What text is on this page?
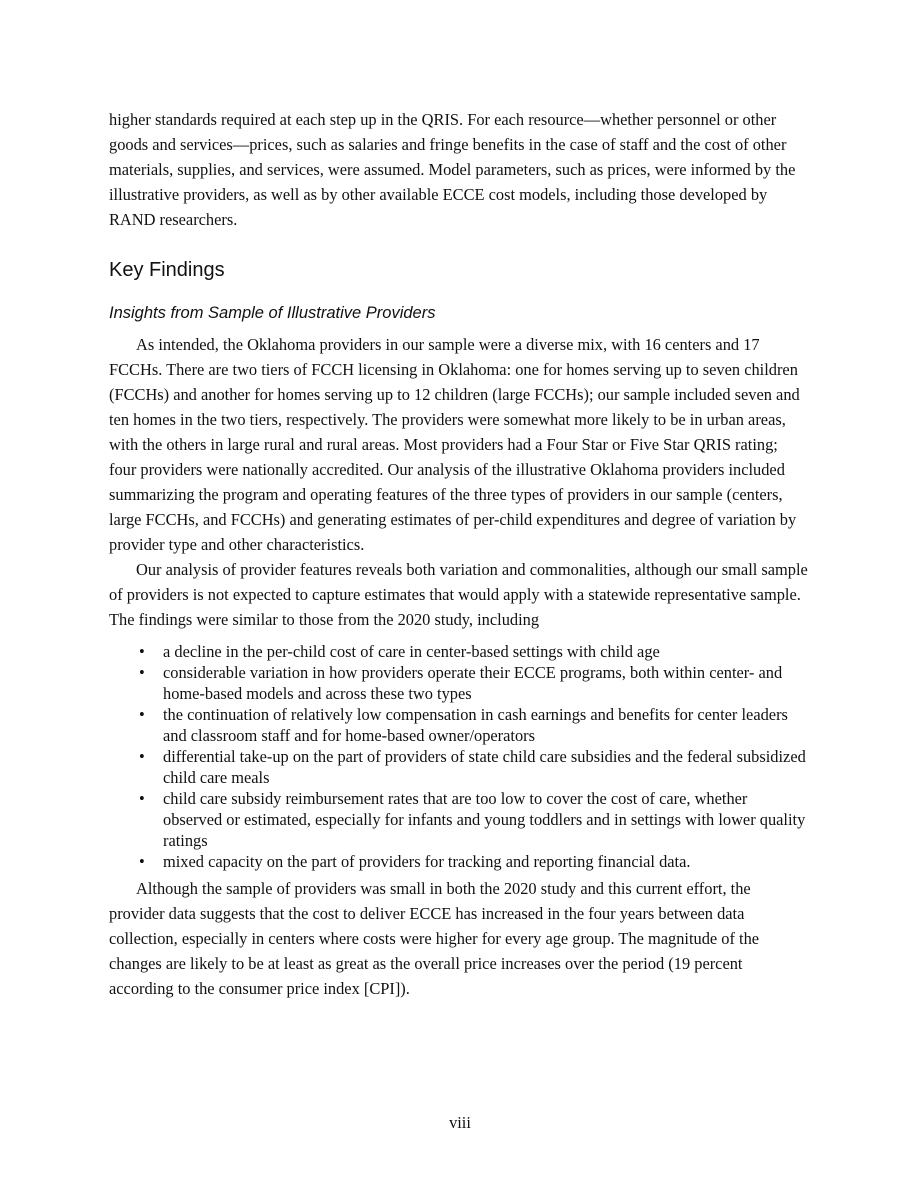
higher standards required at each step up in the QRIS. For each resource—whether personnel or other goods and services—prices, such as salaries and fringe benefits in the case of staff and the cost of other materials, supplies, and services, were assumed. Model parameters, such as prices, were informed by the illustrative providers, as well as by other available ECCE cost models, including those developed by RAND researchers.

Key Findings
Insights from Sample of Illustrative Providers

As intended, the Oklahoma providers in our sample were a diverse mix, with 16 centers and 17 FCCHs. There are two tiers of FCCH licensing in Oklahoma: one for homes serving up to seven children (FCCHs) and another for homes serving up to 12 children (large FCCHs); our sample included seven and ten homes in the two tiers, respectively. The providers were somewhat more likely to be in urban areas, with the others in large rural and rural areas. Most providers had a Four Star or Five Star QRIS rating; four providers were nationally accredited. Our analysis of the illustrative Oklahoma providers included summarizing the program and operating features of the three types of providers in our sample (centers, large FCCHs, and FCCHs) and generating estimates of per-child expenditures and degree of variation by provider type and other characteristics.

Our analysis of provider features reveals both variation and commonalities, although our small sample of providers is not expected to capture estimates that would apply with a statewide representative sample. The findings were similar to those from the 2020 study, including

• a decline in the per-child cost of care in center-based settings with child age
• considerable variation in how providers operate their ECCE programs, both within center- and home-based models and across these two types
• the continuation of relatively low compensation in cash earnings and benefits for center leaders and classroom staff and for home-based owner/operators
• differential take-up on the part of providers of state child care subsidies and the federal subsidized child care meals
• child care subsidy reimbursement rates that are too low to cover the cost of care, whether observed or estimated, especially for infants and young toddlers and in settings with lower quality ratings
• mixed capacity on the part of providers for tracking and reporting financial data.

Although the sample of providers was small in both the 2020 study and this current effort, the provider data suggests that the cost to deliver ECCE has increased in the four years between data collection, especially in centers where costs were higher for every age group. The magnitude of the changes are likely to be at least as great as the overall price increases over the period (19 percent according to the consumer price index [CPI]).

viii
